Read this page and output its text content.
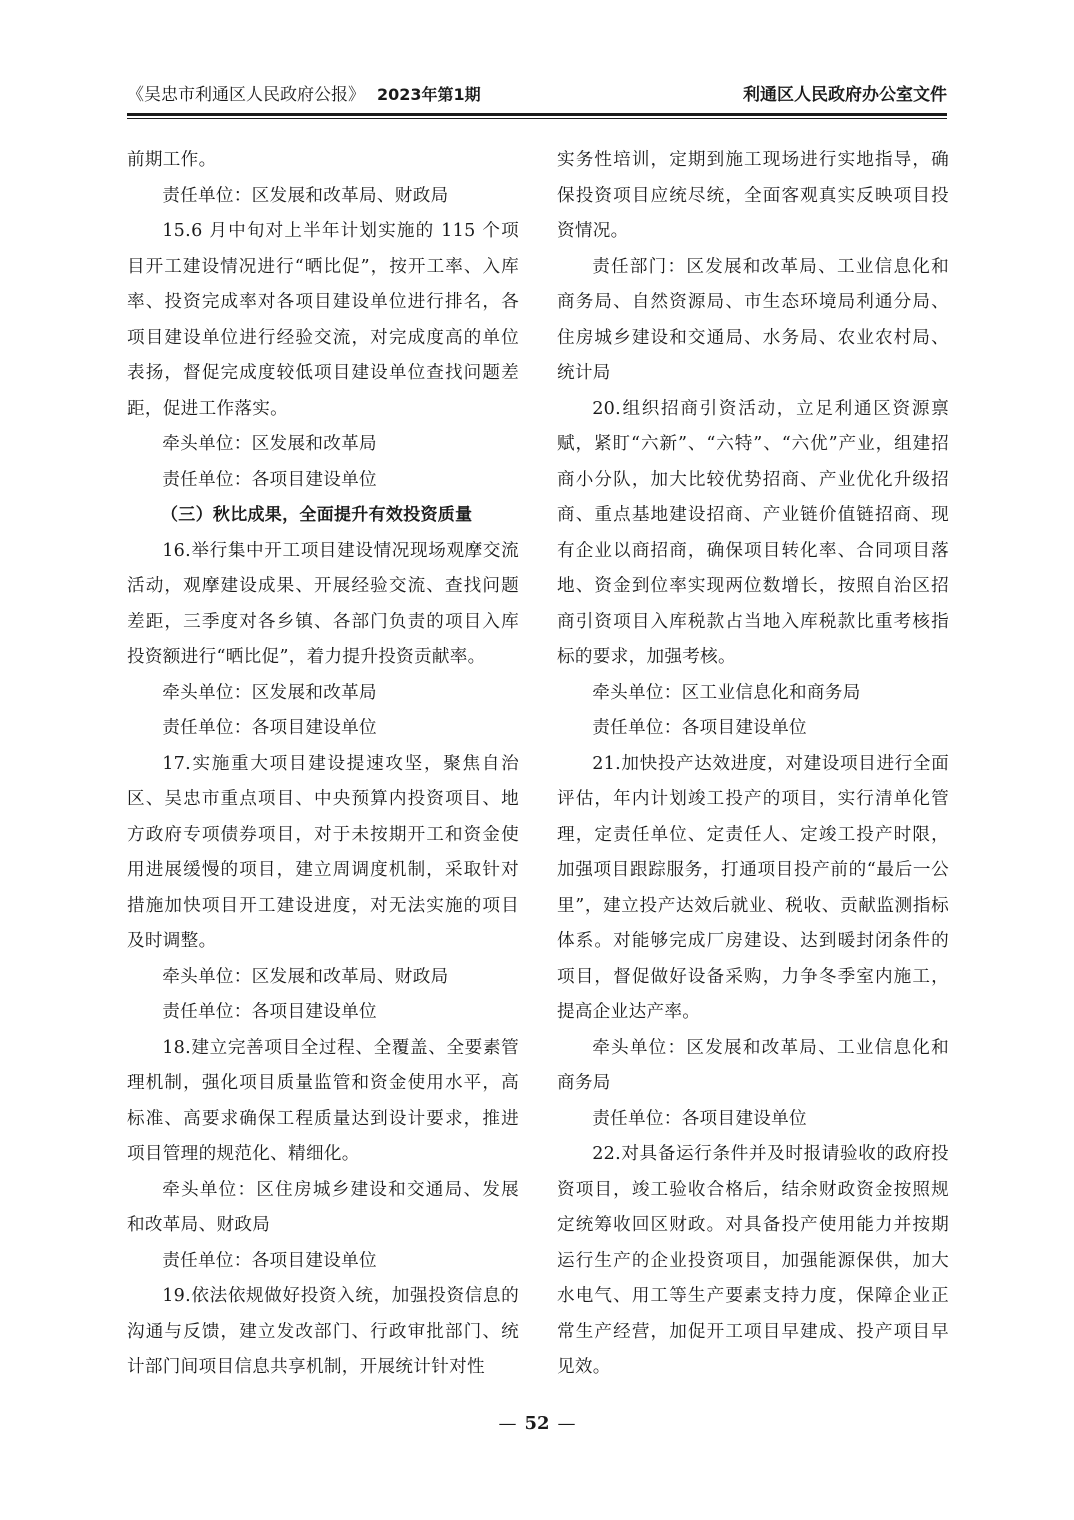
《吴忠市利通区人民政府公报》 2023年第1期	利通区人民政府办公室文件

前期工作。

责任单位：区发展和改革局、财政局

15.6 月中旬对上半年计划实施的 115 个项目开工建设情况进行“晒比促”，按开工率、入库率、投资完成率对各项目建设单位进行排名，各项目建设单位进行经验交流，对完成度高的单位表扬，督促完成度较低项目建设单位查找问题差距，促进工作落实。

牵头单位：区发展和改革局

责任单位：各项目建设单位

（三）秋比成果，全面提升有效投资质量

16.举行集中开工项目建设情况现场观摩交流活动，观摩建设成果、开展经验交流、查找问题差距，三季度对各乡镇、各部门负责的项目入库投资额进行“晒比促”，着力提升投资贡献率。

牵头单位：区发展和改革局

责任单位：各项目建设单位

17.实施重大项目建设提速攻坚，聚焦自治区、吴忠市重点项目、中央预算内投资项目、地方政府专项债券项目，对于未按期开工和资金使用进展缓慢的项目，建立周调度机制，采取针对措施加快项目开工建设进度，对无法实施的项目及时调整。

牵头单位：区发展和改革局、财政局

责任单位：各项目建设单位

18.建立完善项目全过程、全覆盖、全要素管理机制，强化项目质量监管和资金使用水平，高标准、高要求确保工程质量达到设计要求，推进项目管理的规范化、精细化。

牵头单位：区住房城乡建设和交通局、发展和改革局、财政局

责任单位：各项目建设单位

19.依法依规做好投资入统，加强投资信息的沟通与反馈，建立发改部门、行政审批部门、统计部门间项目信息共享机制，开展统计针对性

实务性培训，定期到施工现场进行实地指导，确保投资项目应统尽统，全面客观真实反映项目投资情况。

责任部门：区发展和改革局、工业信息化和商务局、自然资源局、市生态环境局利通分局、住房城乡建设和交通局、水务局、农业农村局、统计局

20.组织招商引资活动，立足利通区资源禀赋，紧盯“六新”、“六特”、“六优”产业，组建招商小分队，加大比较优势招商、产业优化升级招商、重点基地建设招商、产业链价值链招商、现有企业以商招商，确保项目转化率、合同项目落地、资金到位率实现两位数增长，按照自治区招商引资项目入库税款占当地入库税款比重考核指标的要求，加强考核。

牵头单位：区工业信息化和商务局

责任单位：各项目建设单位

21.加快投产达效进度，对建设项目进行全面评估，年内计划竣工投产的项目，实行清单化管理，定责任单位、定责任人、定竣工投产时限，加强项目跟踪服务，打通项目投产前的“最后一公里”，建立投产达效后就业、税收、贡献监测指标体系。对能够完成厂房建设、达到暖封闭条件的项目，督促做好设备采购，力争冬季室内施工，提高企业达产率。

牵头单位：区发展和改革局、工业信息化和商务局

责任单位：各项目建设单位

22.对具备运行条件并及时报请验收的政府投资项目，竣工验收合格后，结余财政资金按照规定统筹收回区财政。对具备投产使用能力并按期运行生产的企业投资项目，加强能源保供，加大水电气、用工等生产要素支持力度，保障企业正常生产经营，加促开工项目早建成、投产项目早见效。

— 52 —
